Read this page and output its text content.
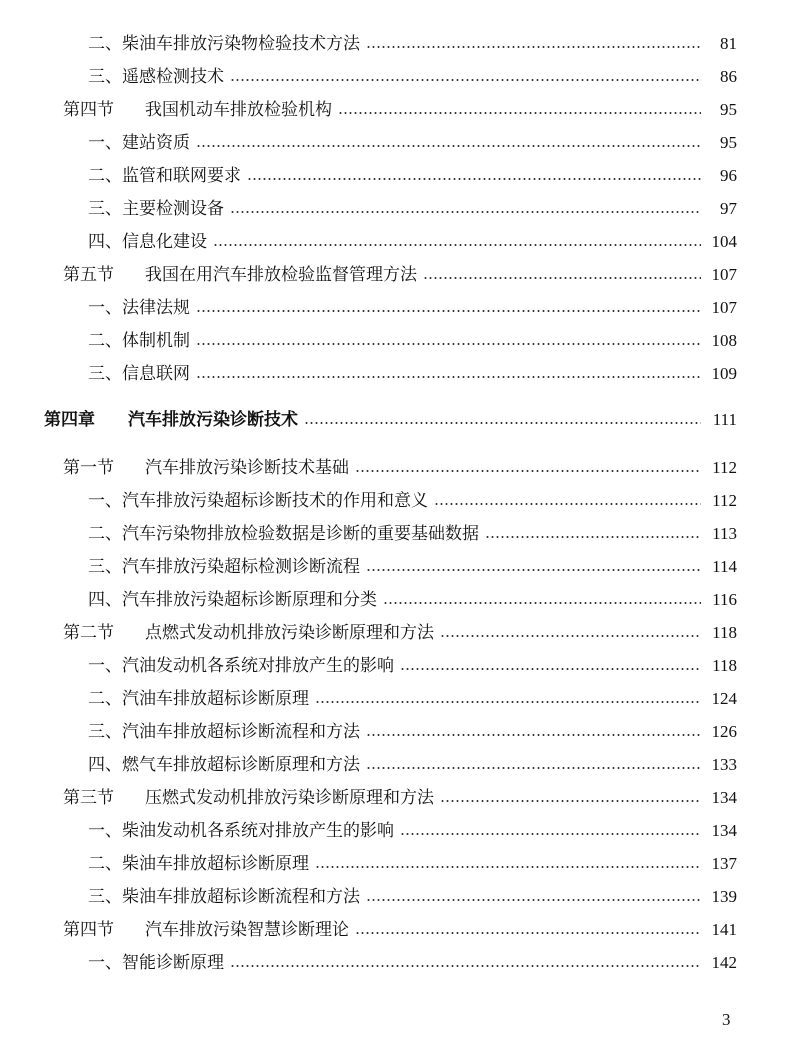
二、柴油车排放污染物检验技术方法	81
三、遥感检测技术	86
第四节 我国机动车排放检验机构	95
一、建站资质	95
二、监管和联网要求	96
三、主要检测设备	97
四、信息化建设	104
第五节 我国在用汽车排放检验监督管理方法	107
一、法律法规	107
二、体制机制	108
三、信息联网	109
第四章 汽车排放污染诊断技术	111
第一节 汽车排放污染诊断技术基础	112
一、汽车排放污染超标诊断技术的作用和意义	112
二、汽车污染物排放检验数据是诊断的重要基础数据	113
三、汽车排放污染超标检测诊断流程	114
四、汽车排放污染超标诊断原理和分类	116
第二节 点燃式发动机排放污染诊断原理和方法	118
一、汽油发动机各系统对排放产生的影响	118
二、汽油车排放超标诊断原理	124
三、汽油车排放超标诊断流程和方法	126
四、燃气车排放超标诊断原理和方法	133
第三节 压燃式发动机排放污染诊断原理和方法	134
一、柴油发动机各系统对排放产生的影响	134
二、柴油车排放超标诊断原理	137
三、柴油车排放超标诊断流程和方法	139
第四节 汽车排放污染智慧诊断理论	141
一、智能诊断原理	142
3
